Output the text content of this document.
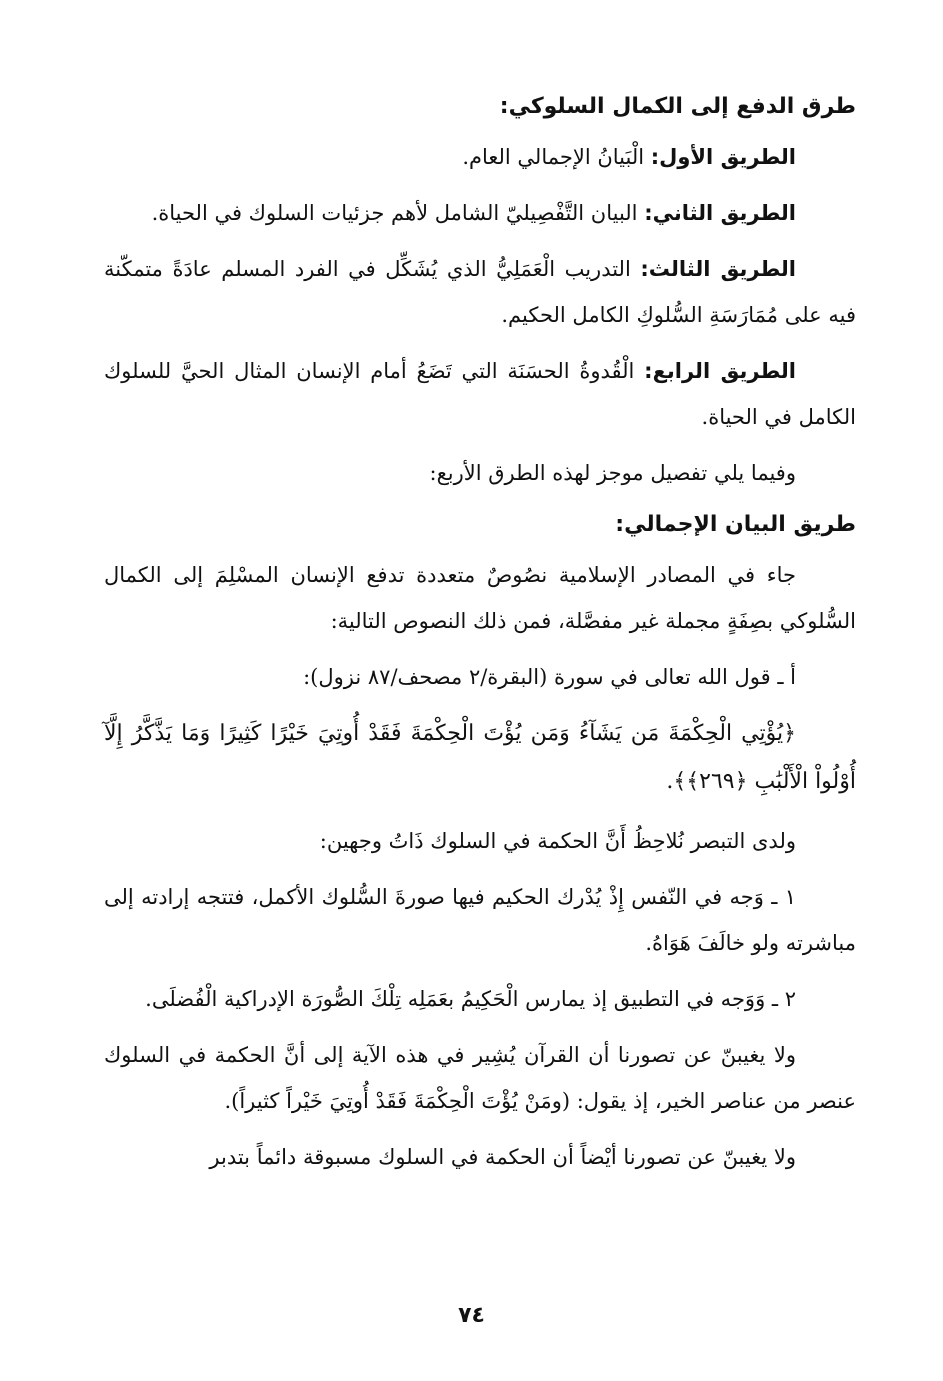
طرق الدفع إلى الكمال السلوكي:

الطريق الأول: الْبَيانُ الإجمالي العام.

الطريق الثاني: البيان التَّفْصِيليّ الشامل لأهم جزئيات السلوك في الحياة.

الطريق الثالث: التدريب الْعَمَلِيُّ الذي يُشَكِّل في الفرد المسلم عادَةً متمكّنة فيه على مُمَارَسَةِ السُّلوكِ الكامل الحكيم.

الطريق الرابع: الْقُدوةُ الحسَنَة التي تَضَعُ أمام الإنسان المثال الحيَّ للسلوك الكامل في الحياة.

وفيما يلي تفصيل موجز لهذه الطرق الأربع:

طريق البيان الإجمالي:

جاء في المصادر الإسلامية نصُوصٌ متعددة تدفع الإنسان المسْلِمَ إلى الكمال السُّلوكي بصِفَةٍ مجملة غير مفصَّلة، فمن ذلك النصوص التالية:

أ ـ قول الله تعالى في سورة (البقرة/٢ مصحف/٨٧ نزول):

﴿يُؤْتِي الْحِكْمَةَ مَن يَشَآءُ وَمَن يُؤْتَ الْحِكْمَةَ فَقَدْ أُوتِيَ خَيْرًا كَثِيرًا وَمَا يَذَّكَّرُ إِلَّآ أُوْلُواْ الْأَلْبَٰبِ ﴿٢٦٩﴾﴾.

ولدى التبصر نُلاحِظُ أَنَّ الحكمة في السلوك ذَاتُ وجهين:

١ ـ وَجه في النّفس إِذْ يُدْرك الحكيم فيها صورةَ السُّلوك الأكمل، فتتجه إرادته إلى مباشرته ولو خالَفَ هَوَاهُ.

٢ ـ وَوَجه في التطبيق إذ يمارس الْحَكِيمُ بعَمَلِه تِلْكَ الصُّورَة الإدراكية الْفُضلَى.

ولا يغيبنّ عن تصورنا أن القرآن يُشِير في هذه الآية إلى أنَّ الحكمة في السلوك عنصر من عناصر الخير، إذ يقول: (ومَنْ يُؤْتَ الْحِكْمَةَ فَقَدْ أُوتِيَ خَيْراً كثيراً).

ولا يغيبنّ عن تصورنا أيْضاً أن الحكمة في السلوك مسبوقة دائماً بتدبر

٧٤
